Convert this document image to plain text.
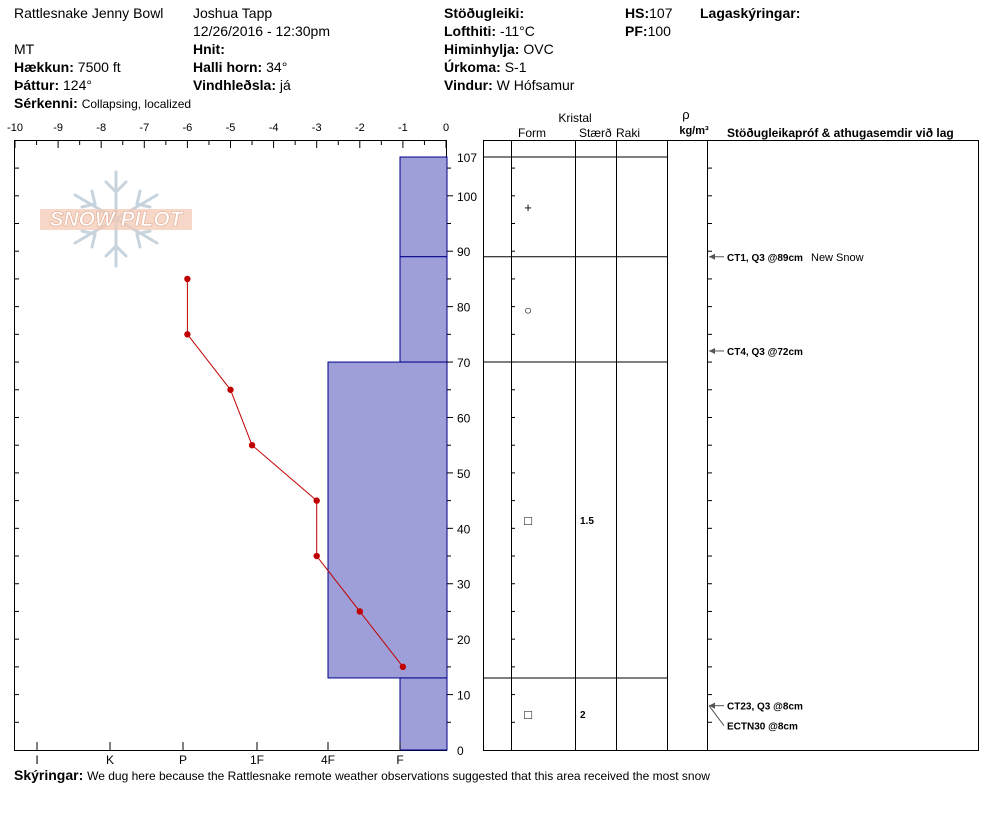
Rattlesnake Jenny Bowl
MT
Hækkun: 7500 ft
Þáttur: 124°
Sérkenni: Collapsing, localized
Joshua Tapp
12/26/2016 - 12:30pm
Hnit:
Halli horn: 34°
Vindhleðsla: já
Stöðugleiki:
Lofthiti: -11°C
Himinhylja: OVC
Úrkoma: S-1
Vindur: W Hófsamur
HS:107
PF:100
Lagaskýringar:
SNOW PILOT
Kristal
Form	Stærð Raki
ρ
kg/m³ Stöðugleikapróf & athugasemdir við lag
-10	-9	-8	-7	-6	-5	-4	-3	-2	-1	0
0
10
20
30
40
50
60
70
80
90
100
107
I	K	P	1F	4F	F
+
○
□	1.5
□	2
CT1, Q3 @89cm New Snow
CT4, Q3 @72cm
CT23, Q3 @8cm
ECTN30 @8cm
Skýringar: We dug here because the Rattlesnake remote weather observations suggested that this area received the most snow
